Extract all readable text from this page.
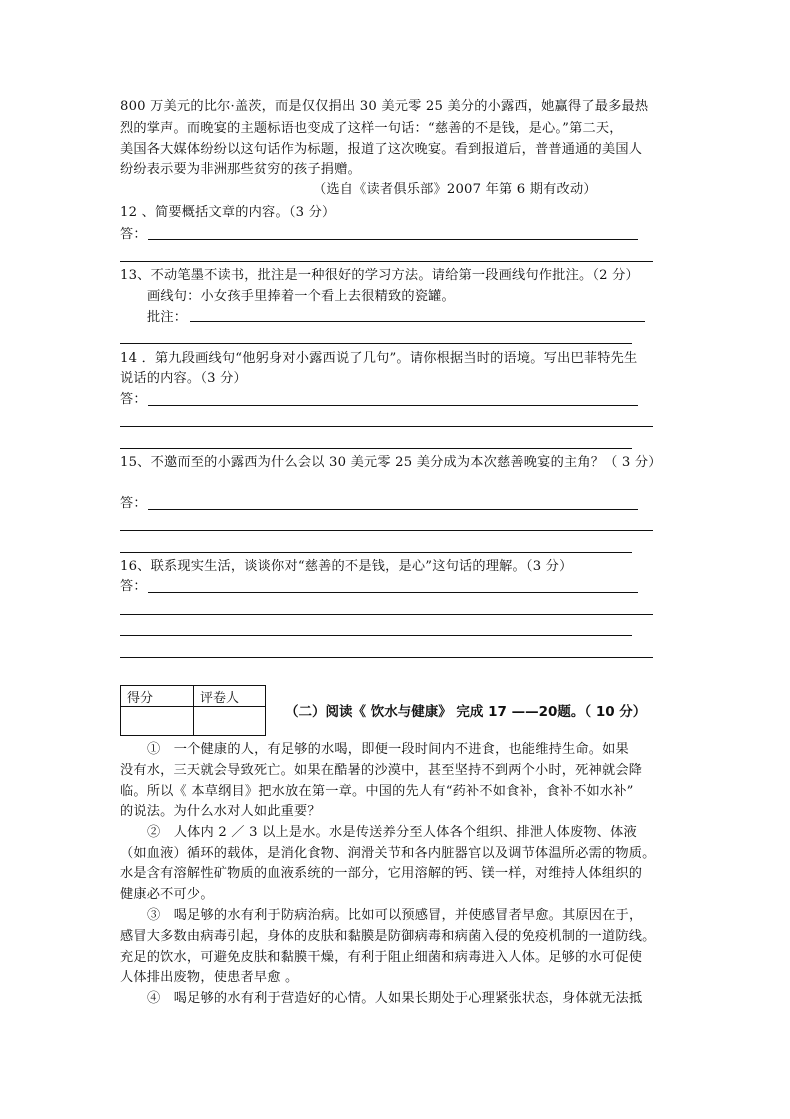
800 万美元的比尔·盖茨，而是仅仅捐出 30 美元零 25 美分的小露西，她赢得了最多最热
烈的掌声。而晚宴的主题标语也变成了这样一句话：“慈善的不是钱，是心。”第二天，
美国各大媒体纷纷以这句话作为标题，报道了这次晚宴。看到报道后，普普通通的美国人
纷纷表示要为非洲那些贫穷的孩子捐赠。
（选自《读者俱乐部》2007 年第 6 期有改动）
12 、简要概括文章的内容。（3 分）
答：
13、不动笔墨不读书，批注是一种很好的学习方法。请给第一段画线句作批注。（2 分）
画线句：小女孩手里捧着一个看上去很精致的瓷罐。
批注：
14 ．第九段画线句“他躬身对小露西说了几句”。请你根据当时的语境。写出巴菲特先生
说话的内容。（3 分）
答：
15、不邀而至的小露西为什么会以 30 美元零 25 美分成为本次慈善晚宴的主角？（ 3 分）
答：
16、联系现实生活，谈谈你对“慈善的不是钱，是心”这句话的理解。（3 分）
答：
得分	评卷人

（二）阅读《 饮水与健康》 完成 17 ——20题。（ 10 分）
①　一个健康的人，有足够的水喝，即便一段时间内不进食，也能维持生命。如果
没有水，三天就会导致死亡。如果在酷暑的沙漠中，甚至坚持不到两个小时，死神就会降
临。所以《 本草纲目》把水放在第一章。中国的先人有“药补不如食补，食补不如水补”
的说法。为什么水对人如此重要？
②　人体内 2 ／ 3 以上是水。水是传送养分至人体各个组织、排泄人体废物、体液
（如血液）循环的载体，是消化食物、润滑关节和各内脏器官以及调节体温所必需的物质。
水是含有溶解性矿物质的血液系统的一部分，它用溶解的钙、镁一样，对维持人体组织的
健康必不可少。
③　喝足够的水有利于防病治病。比如可以预感冒，并使感冒者早愈。其原因在于，
感冒大多数由病毒引起，身体的皮肤和黏膜是防御病毒和病菌入侵的免疫机制的一道防线。
充足的饮水，可避免皮肤和黏膜干燥，有利于阻止细菌和病毒进入人体。足够的水可促使
人体排出废物，使患者早愈 。
④　喝足够的水有利于营造好的心情。人如果长期处于心理紧张状态，身体就无法抵
